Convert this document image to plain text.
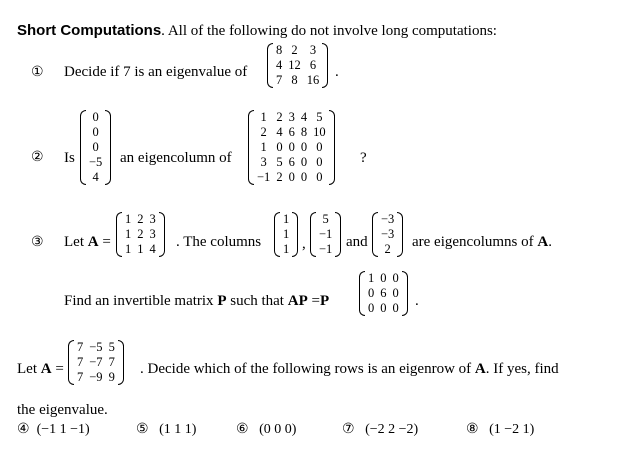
Short Computations. All of the following do not involve long computations:
① Decide if 7 is an eigenvalue of
8	2	3
4	12	6
7	8	16 .
② Is
0
0
0
−5
4
an eigencolumn of
1	2	3	4	5
2	4	6	8	10
1	0	0	0	0
3	5	6	0	0
−1	2	0	0	0
?
③ Let A =
1	2	3
1	2	3
1	1	4 . The columns
1
1
1 ,
5
−1
−1 and
−3
−3
2 are eigencolumns of A.
Find an invertible matrix P such that AP =P
1	0	0
0	6	0
0	0	0 .
Let A =
7	−5	5
7	−7	7
7	−9	9 . Decide which of the following rows is an eigenrow of A. If yes, find
the eigenvalue.
④ (−1 1 −1)	⑤ (1 1 1)	⑥ (0 0 0)	⑦ (−2 2 −2)	⑧ (1 −2 1)
